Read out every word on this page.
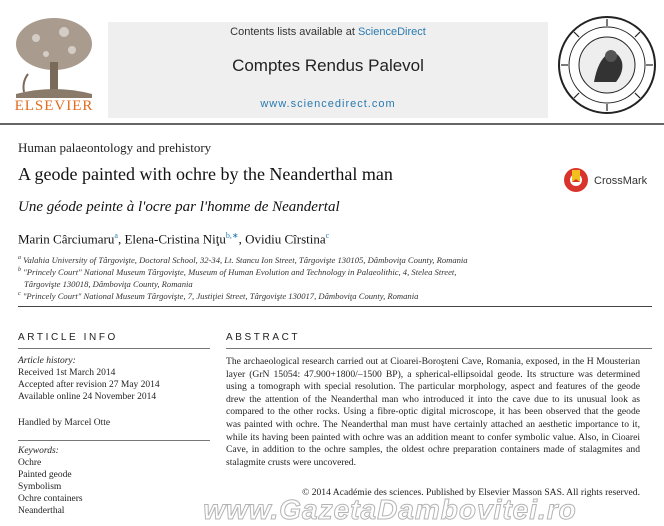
ELSEVIER
Contents lists available at ScienceDirect
Comptes Rendus Palevol
www.sciencedirect.com
Human palaeontology and prehistory
A geode painted with ochre by the Neanderthal man
Une géode peinte à l'ocre par l'homme de Neandertal
CrossMark
Marin Cârciumaru$^a$, Elena-Cristina Niţu$^{b,∗}$, Ovidiu Cîrstina$^c$
$^a$ Valahia University of Târgovişte, Doctoral School, 32-34, Lt. Stancu Ion Street, Târgovişte 130105, Dâmboviţa County, Romania
$^b$ "Princely Court" National Museum Târgovişte, Museum of Human Evolution and Technology in Palaeolithic, 4, Stelea Street,
Târgovişte 130018, Dâmboviţa County, Romania
$^c$ "Princely Court" National Museum Târgovişte, 7, Justiţiei Street, Târgovişte 130017, Dâmboviţa County, Romania
ARTICLE INFO
Article history:
Received 1st March 2014
Accepted after revision 27 May 2014
Available online 24 November 2014
Handled by Marcel Otte
Keywords:
Ochre
Painted geode
Symbolism
Ochre containers
Neanderthal
ABSTRACT
The archaeological research carried out at Cioarei-Boroşteni Cave, Romania, exposed, in the H Mousterian layer (GrN 15054: 47.900+1800/–1500 BP), a spherical-ellipsoidal geode. Its structure was determined using a tomograph with special resolution. The particular morphology, aspect and features of the geode drew the attention of the Neanderthal man who introduced it into the cave due to its unusual look as compared to the other rocks. Using a fibre-optic digital microscope, it has been observed that the geode was painted with ochre. The Neanderthal man must have certainly attached an aesthetic importance to it, while its having been painted with ochre was an addition meant to confer symbolic value. Also, in Cioarei Cave, in addition to the ochre samples, the oldest ochre preparation containers made of stalagmites and stalagmite crusts were uncovered.
© 2014 Académie des sciences. Published by Elsevier Masson SAS. All rights reserved.
www.GazetaDambovitei.ro
